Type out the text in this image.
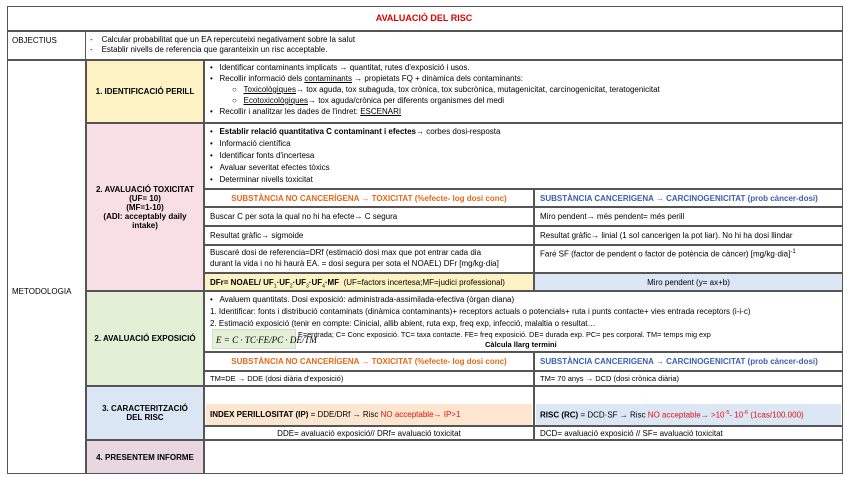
AVALUACIÓ DEL RISC
OBJECTIUS	-    Calcular probabilitat que un EA repercuteixi negativament sobre la salut
-    Establir nivells de referencia que garanteixin un risc acceptable.
METODOLOGIA
1. IDENTIFICACIÓ PERILL
•   Identificar contaminants implicats → quantitat, rutes d'exposició i usos.
•   Recollir informació dels contaminants → propietats FQ + dinàmica dels contaminants:
○   Toxicològiques→ tox aguda, tox subaguda, tox crònica, tox subcrònica, mutagenicitat, carcinogenicitat, teratogenicitat
○   Ecotoxicològiques→ tox aguda/crònica per diferents organismes del medi
•   Recollir i analitzar les dades de l'indret: ESCENARI
2. AVALUACIÓ TOXICITAT
(UF= 10)
(MF=1-10)
(ADI: acceptably daily intake)
•   Establir relació quantitativa C contaminant i efectes→ corbes dosi-resposta
•   Informació científica
•   Identificar fonts d'incertesa
•   Avaluar severitat efectes tòxics
•   Determinar nivells toxicitat
SUBSTÀNCIA NO CANCERÍGENA → TOXICITAT (%efecte- log dosi conc)	SUBSTÀNCIA CANCERIGENA → CARCINOGENICITAT (prob càncer-dosi)
Buscar C per sota la qual no hi ha efecte→ C segura	Miro pendent→ més pendent= més perill
Resultat gràfic→ sigmoide	Resultat gràfic→ linial (1 sol cancerigen la pot liar). No hi ha dosi llindar
Buscaré dosi de referencia=DRf (estimació dosi max que pot entrar cada dia
durant la vida i no hi haurà EA. = dosi segura per sota el NOAEL) DFr [mg/kg·dia]
Faré SF (factor de pendent o factor de potència de càncer) $[mg/kg\cdot dia]^{-1}$
DFr= NOAEL/ $UF_1\cdot UF_2\cdot UF_3\cdot UF_4\cdot MF$ (UF=factors incertesa;MF=judici professional)	Miro pendent (y= ax+b)
2. AVALUACIÓ EXPOSICIÓ
•   Avaluem quantitats. Dosi exposició: administrada-assimilada-efectiva (òrgan diana)
1. Identificar: fonts i distribució contaminats (dinàmica contaminants)+ receptors actuals o potencials+ ruta i punts contacte+ vies entrada receptors (i-i-c)
2. Estimació exposició (tenir en compte: Cinicial, allib abient, ruta exp, freq exp, infecció, malaltia o resultat…
E = C · TC·FE/PC · DE/TM
E=entrada; C= Conc exposició. TC= taxa contacte. FE= freq exposició. DE= durada exp. PC= pes corporal. TM= temps mig exp
Càlcula llarg termini
SUBSTÀNCIA NO CANCERÍGENA → TOXICITAT (%efecte- log dosi conc)	SUBSTÀNCIA CANCERIGENA → CARCINOGENICITAT (prob càncer-dosi)
TM=DE → DDE (dosi diària d'exposició)	TM= 70 anys → DCD (dosi crònica diària)
3. CARACTERITZACIÓ DEL RISC	INDEX PERILLOSITAT (IP) = DDE/DRf → Risc NO acceptable→ IP>1	RISC (RC) = DCD·SF → Risc NO acceptable→ $>10^{-5}-$ $10^{-6}$ (1cas/100.000)
DDE= avaluació exposició// DRf= avaluació toxicitat	DCD= avaluació exposició // SF= avaluació toxicitat
4. PRESENTEM INFORME
